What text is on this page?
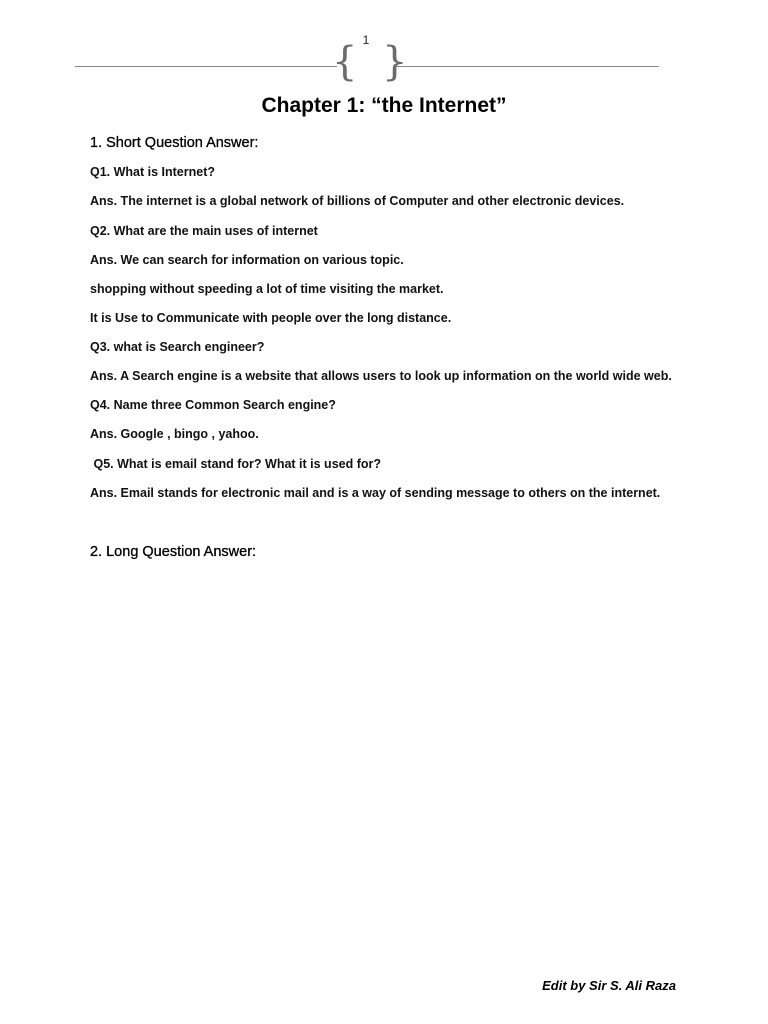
1
{ }
Chapter 1: “the Internet”
1. Short Question Answer:
Q1. What is Internet?
Ans. The internet is a global network of billions of Computer and other electronic devices.
Q2. What are the main uses of internet
Ans. We can search for information on various topic.
shopping without speeding a lot of time visiting the market.
It is Use to Communicate with people over the long distance.
Q3. what is Search engineer?
Ans. A Search engine is a website that allows users to look up information on the world wide web.
Q4. Name three Common Search engine?
Ans. Google , bingo , yahoo.
Q5. What is email stand for? What it is used for?
Ans. Email stands for electronic mail and is a way of sending message to others on the internet.
2. Long Question Answer:
Edit by Sir S. Ali Raza
